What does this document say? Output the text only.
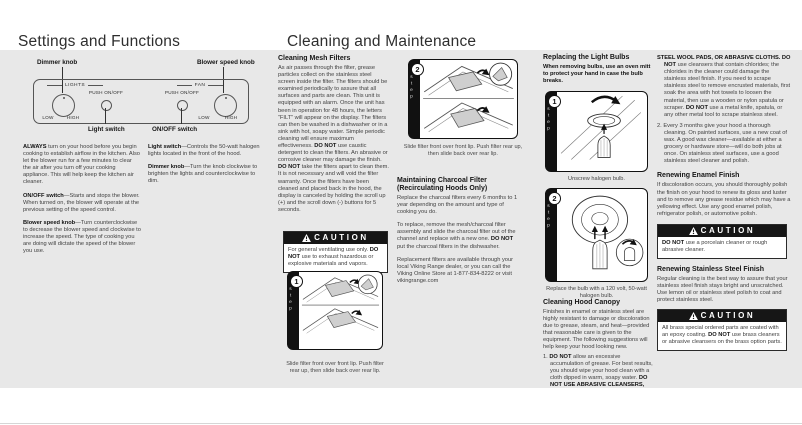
Settings and Functions	Cleaning and Maintenance
Dimmer knob	Blower speed knob
LIGHTS	FAN
PUSH ON/OFF	PUSH ON/OFF
LOW	HIGH	LOW	HIGH
Light switch	ON/OFF switch

ALWAYS turn on your hood before you begin cooking to establish airflow in the kitchen. Also let the blower run for a few minutes to clear the air after you turn off your cooking appliance. This will help keep the kitchen air cleaner.

ON/OFF switch—Starts and stops the blower. When turned on, the blower will operate at the previous setting of the speed control.

Blower speed knob—Turn counterclockwise to decrease the blower speed and clockwise to increase the speed. The type of cooking you are doing will dictate the speed of the blower you use.

Light switch—Controls the 50-watt halogen lights located in the front of the hood.

Dimmer knob—Turn the knob clockwise to brighten the lights and counterclockwise to dim.

Cleaning Mesh Filters

As air passes through the filter, grease particles collect on the stainless steel screen inside the filter. The filters should be examined periodically to assure that all surfaces and parts are clean. This unit is equipped with an alarm. Once the unit has been in operation for 48 hours, the letters “FILT” will appear on the display. The filters can then be washed in a dishwasher or in a sink with hot, soapy water. Simple periodic cleaning will ensure maximum effectiveness. DO NOT use caustic detergent to clean the filters. An abrasive or corrosive cleaner may damage the finish. DO NOT take the filters apart to clean them. It is not necessary and will void the filter warranty. Once the filters have been cleaned and placed back in the hood, the display is canceled by holding the scroll up (+) and the scroll down (-) buttons for 5 seconds.

CAUTION
For general ventilating use only. DO NOT use to exhaust hazardous or explosive materials and vapors.
step
1
Slide filter front over front lip. Push filter rear up, then slide back over rear lip.
step
2
Slide filter front over front lip. Push filter rear up, then slide back over rear lip.
Maintaining Charcoal Filter (Recirculating Hoods Only)

Replace the charcoal filters every 6 months to 1 year depending on the amount and type of cooking you do.

To replace, remove the mesh/charcoal filter assembly and slide the charcoal filter out of the channel and replace with a new one. DO NOT put the charcoal filters in the dishwasher.

Replacement filters are available through your local Viking Range dealer, or you can call the Viking Online Store at 1-877-834-8222 or visit vikingrange.com

Replacing the Light Bulbs

When removing bulbs, use an oven mitt to protect your hand in case the bulb breaks.

step
1
Unscrew halogen bulb.
step
2
Replace the bulb with a 120 volt, 50-watt halogen bulb.
Cleaning Hood Canopy

Finishes in enamel or stainless steel are highly resistant to damage or discoloration due to grease, steam, and heat—provided that reasonable care is given to the equipment. The following suggestions will help keep your hood looking new.

1. DO NOT allow an excessive accumulation of grease. For best results, you should wipe your hood clean with a cloth dipped in warm, soapy water. DO NOT USE ABRASIVE CLEANSERS,

STEEL WOOL PADS, OR ABRASIVE CLOTHS. DO NOT use cleansers that contain chlorides; the chlorides in the cleaner could damage the stainless steel finish. If you need to scrape stainless steel to remove encrusted materials, first soak the area with hot towels to loosen the material, then use a wooden or nylon spatula or scraper. DO NOT use a metal knife, spatula, or any other metal tool to scrape stainless steel.

2. Every 3 months give your hood a thorough cleaning. On painted surfaces, use a new coat of wax. A good wax cleaner—available at either a grocery or hardware store—will do both jobs at once. On stainless steel surfaces, use a good stainless steel cleaner and polish.

Renewing Enamel Finish

If discoloration occurs, you should thoroughly polish the finish on your hood to renew its gloss and luster and to remove any grease residue which may have a yellowing effect. Use any good enamel polish, refrigerator polish, or automotive polish.

CAUTION
DO NOT use a porcelain cleaner or rough abrasive cleaner.
Renewing Stainless Steel Finish

Regular cleaning is the best way to assure that your stainless steel finish stays bright and unscratched. Use lemon oil or stainless steel polish to coat and protect stainless steel.

CAUTION
All brass special ordered parts are coated with an epoxy coating. DO NOT use brass cleaners or abrasive cleansers on the brass option parts.
